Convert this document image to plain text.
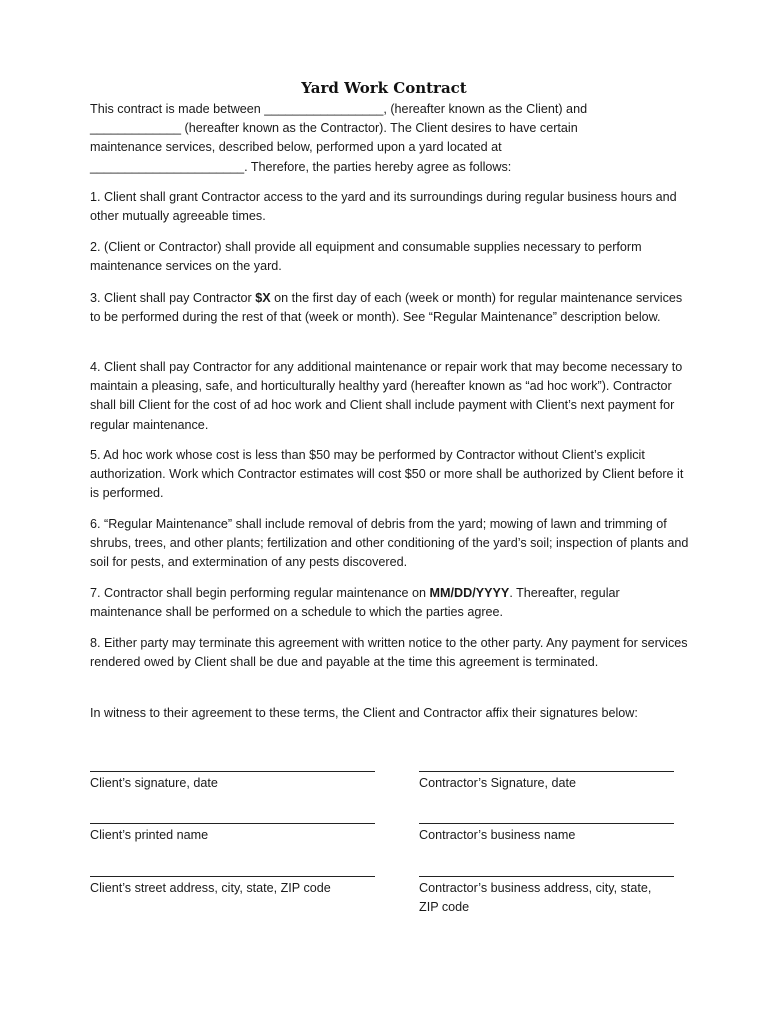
Yard Work Contract

This contract is made between _________________, (hereafter known as the Client) and
_____________ (hereafter known as the Contractor). The Client desires to have certain
maintenance services, described below, performed upon a yard located at
______________________. Therefore, the parties hereby agree as follows:

1. Client shall grant Contractor access to the yard and its surroundings during regular business hours and other mutually agreeable times.

2. (Client or Contractor) shall provide all equipment and consumable supplies necessary to perform maintenance services on the yard.

3. Client shall pay Contractor $X on the first day of each (week or month) for regular maintenance services to be performed during the rest of that (week or month). See “Regular Maintenance” description below.

4. Client shall pay Contractor for any additional maintenance or repair work that may become necessary to maintain a pleasing, safe, and horticulturally healthy yard (hereafter known as “ad hoc work”). Contractor shall bill Client for the cost of ad hoc work and Client shall include payment with Client’s next payment for regular maintenance.

5. Ad hoc work whose cost is less than $50 may be performed by Contractor without Client’s explicit authorization. Work which Contractor estimates will cost $50 or more shall be authorized by Client before it is performed.

6. “Regular Maintenance” shall include removal of debris from the yard; mowing of lawn and trimming of shrubs, trees, and other plants; fertilization and other conditioning of the yard’s soil; inspection of plants and soil for pests, and extermination of any pests discovered.

7. Contractor shall begin performing regular maintenance on MM/DD/YYYY. Thereafter, regular maintenance shall be performed on a schedule to which the parties agree.

8. Either party may terminate this agreement with written notice to the other party. Any payment for services rendered owed by Client shall be due and payable at the time this agreement is terminated.

In witness to their agreement to these terms, the Client and Contractor affix their signatures below:

Client’s signature, date	Contractor’s Signature, date

Client’s printed name	Contractor’s business name

Client’s street address, city, state, ZIP code	Contractor’s business address, city, state, ZIP code
